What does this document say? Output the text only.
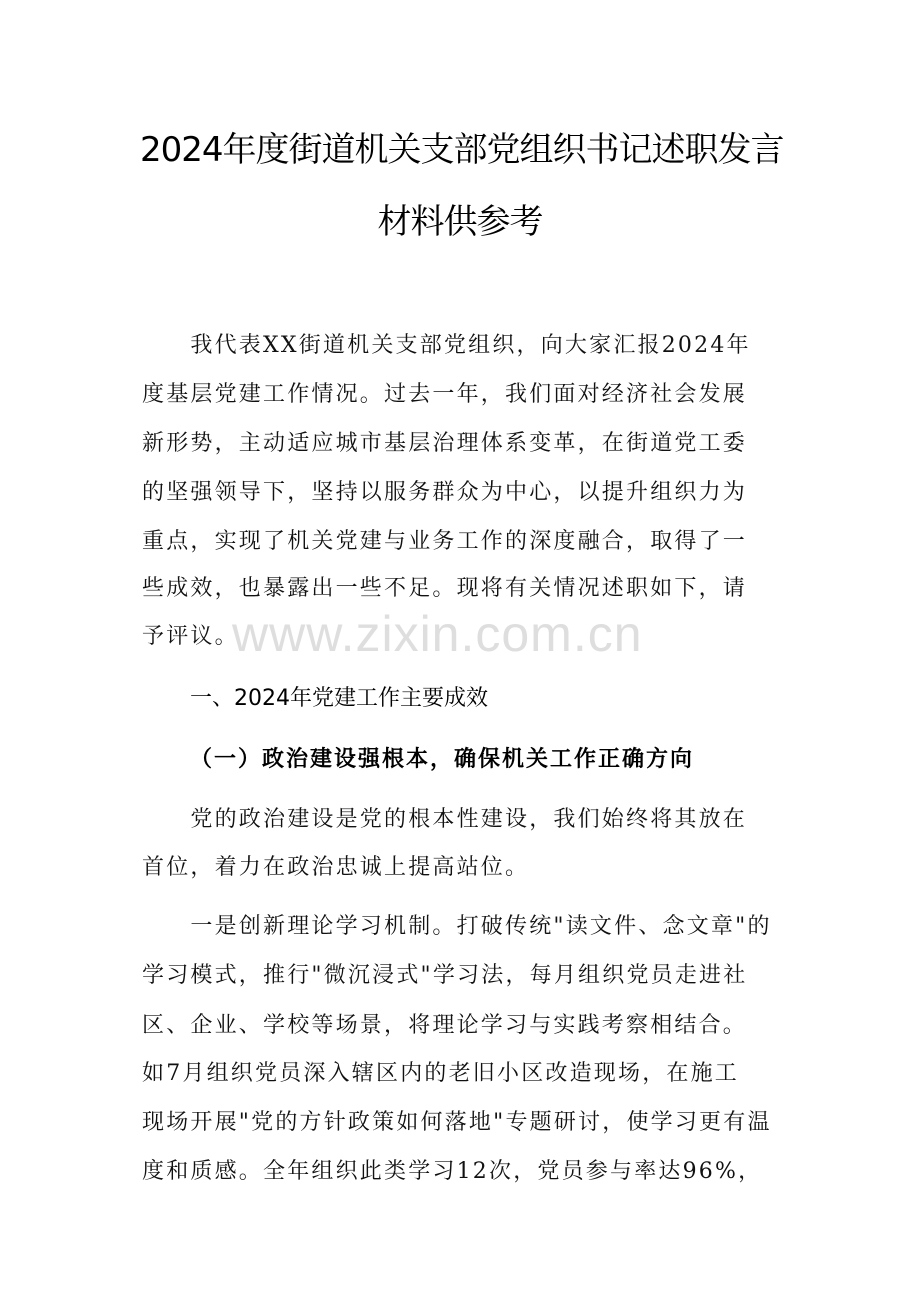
2024年度街道机关支部党组织书记述职发言
材料供参考
　　我代表XX街道机关支部党组织，向大家汇报2024年
度基层党建工作情况。过去一年，我们面对经济社会发展
新形势，主动适应城市基层治理体系变革，在街道党工委
的坚强领导下，坚持以服务群众为中心，以提升组织力为
重点，实现了机关党建与业务工作的深度融合，取得了一
些成效，也暴露出一些不足。现将有关情况述职如下，请
予评议。
www.zixin.com.cn
一、2024年党建工作主要成效
（一）政治建设强根本，确保机关工作正确方向
　　党的政治建设是党的根本性建设，我们始终将其放在
首位，着力在政治忠诚上提高站位。
　　一是创新理论学习机制。打破传统"读文件、念文章"的
学习模式，推行"微沉浸式"学习法，每月组织党员走进社
区、企业、学校等场景，将理论学习与实践考察相结合。
如7月组织党员深入辖区内的老旧小区改造现场，在施工
现场开展"党的方针政策如何落地"专题研讨，使学习更有温
度和质感。全年组织此类学习12次，党员参与率达96%，
